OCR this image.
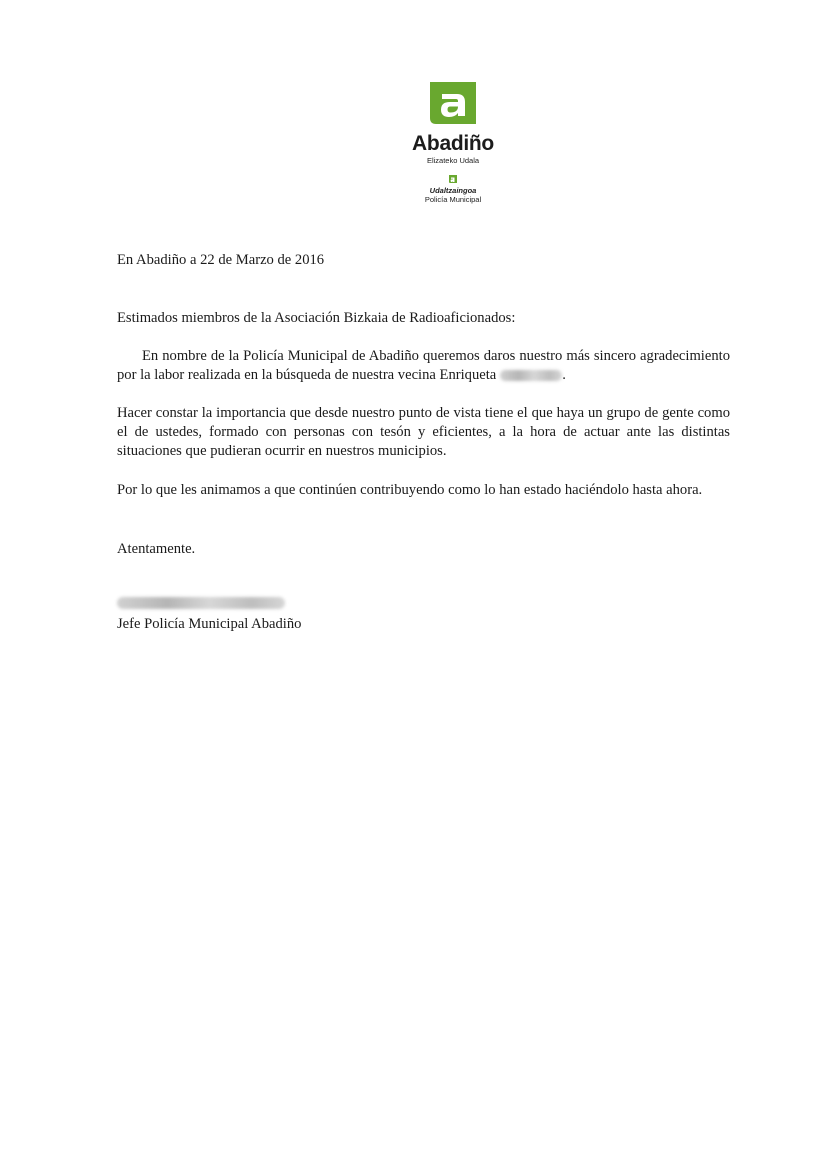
Abadiño
Elizateko Udala
Udaltzaingoa
Policía Municipal

En Abadiño a 22 de Marzo de 2016

Estimados miembros de la Asociación Bizkaia de Radioaficionados:

En nombre de la Policía Municipal de Abadiño queremos daros nuestro más sincero agradecimiento por la labor realizada en la búsqueda de nuestra vecina Enriqueta	.

Hacer constar la importancia que desde nuestro punto de vista tiene el que haya un grupo de gente como el de ustedes, formado con personas con tesón y eficientes, a la hora de actuar ante las distintas situaciones que pudieran ocurrir en nuestros municipios.

Por lo que les animamos a que continúen contribuyendo como lo han estado haciéndolo hasta ahora.

Atentamente.

Jefe Policía Municipal Abadiño
